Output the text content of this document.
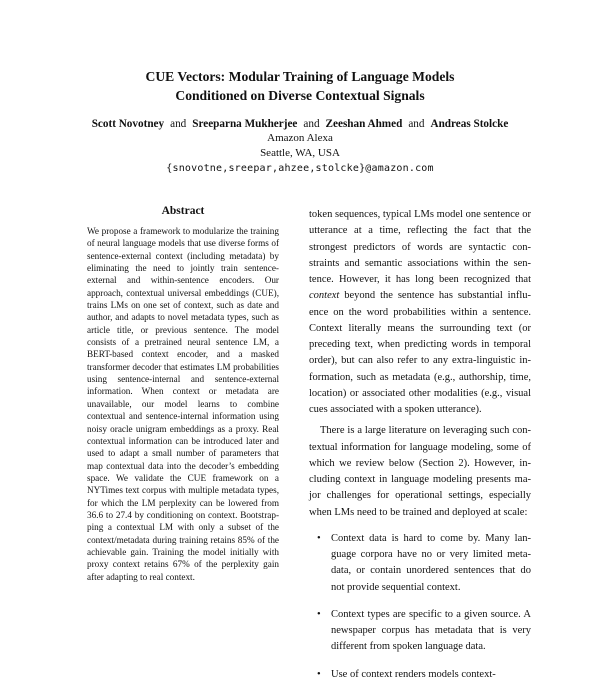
CUE Vectors: Modular Training of Language Models
Conditioned on Diverse Contextual Signals
Scott Novotney and Sreeparna Mukherjee and Zeeshan Ahmed and Andreas Stolcke
Amazon Alexa
Seattle, WA, USA
{snovotne,sreepar,ahzee,stolcke}@amazon.com
Abstract
We propose a framework to modularize the training of neural language models that use diverse forms of sentence-external context (including metadata) by eliminating the need to jointly train sentence-external and within-sentence encoders. Our approach, contextual universal embeddings (CUE), trains LMs on one set of context, such as date and author, and adapts to novel metadata types, such as article title, or previous sentence. The model consists of a pretrained neural sentence LM, a BERT-based context encoder, and a masked transformer decoder that estimates LM probabilities using sentence-internal and sentence-external information. When context or metadata are unavailable, our model learns to combine contextual and sentence-internal information using noisy oracle unigram embeddings as a proxy. Real contextual information can be introduced later and used to adapt a small number of parameters that map contextual data into the decoder’s embedding space. We validate the CUE framework on a NYTimes text corpus with multiple metadata types, for which the LM perplexity can be lowered from 36.6 to 27.4 by conditioning on context. Bootstrapping a contextual LM with only a subset of the context/metadata during training retains 85% of the achievable gain. Training the model initially with proxy context retains 67% of the perplexity gain after adapting to real context.

token sequences, typical LMs model one sentence or utterance at a time, reflecting the fact that the strongest predictors of words are syntactic constraints and semantic associations within the sentence. However, it has long been recognized that context beyond the sentence has substantial influence on the word probabilities within a sentence. Context literally means the surrounding text (or preceding text, when predicting words in temporal order), but can also refer to any extra-linguistic information, such as metadata (e.g., authorship, time, location) or associated other modalities (e.g., visual cues associated with a spoken utterance).

There is a large literature on leveraging such contextual information for language modeling, some of which we review below (Section 2). However, including context in language modeling presents major challenges for operational settings, especially when LMs need to be trained and deployed at scale:

• Context data is hard to come by. Many language corpora have no or very limited metadata, or contain unordered sentences that do not provide sequential context.
• Context types are specific to a given source. A newspaper corpus has metadata that is very different from spoken language data.
• Use of context renders models context-
